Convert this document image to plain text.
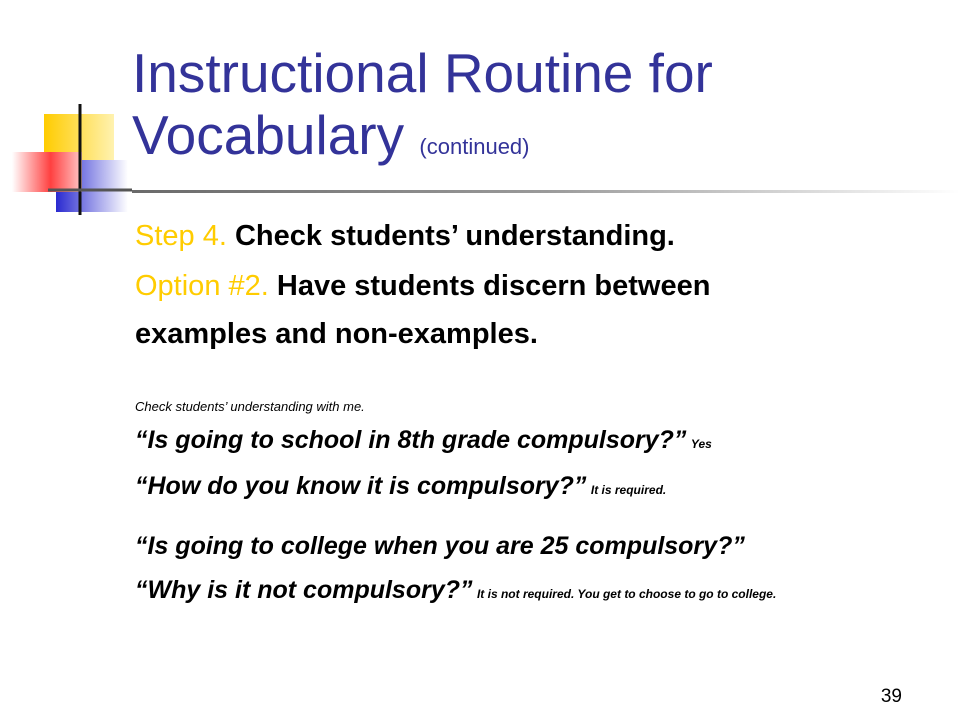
Instructional Routine for Vocabulary (continued)
Step 4. Check students’ understanding.
Option #2. Have students discern between
examples and non-examples.
Check students’ understanding with me.
“Is going to school in 8th grade compulsory?” Yes
“How do you know it is compulsory?” It is required.
“Is going to college when you are 25 compulsory?”
“Why is it not compulsory?” It is not required. You get to choose to go to college.
39
